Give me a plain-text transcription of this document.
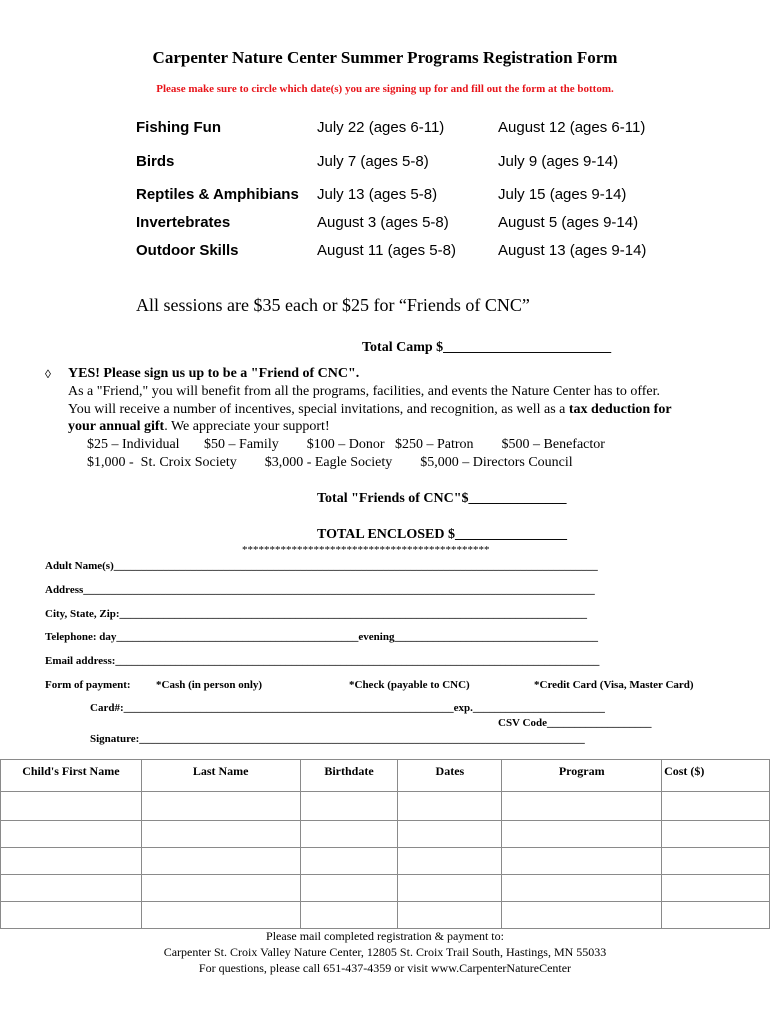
Carpenter Nature Center Summer Programs Registration Form
Please make sure to circle which date(s) you are signing up for and fill out the form at the bottom.
Fishing Fun	July 22 (ages 6-11)	August 12 (ages 6-11)
Birds	July 7 (ages 5-8)	July 9 (ages 9-14)
Reptiles & Amphibians July 13 (ages 5-8)	July 15 (ages 9-14)
Invertebrates	August 3 (ages 5-8)	August 5 (ages 9-14)
Outdoor Skills	August 11 (ages 5-8)	August 13 (ages 9-14)
All sessions are $35 each or $25 for “Friends of CNC”
Total Camp $________________________
◊ YES! Please sign us up to be a "Friend of CNC".
As a "Friend," you will benefit from all the programs, facilities, and events the Nature Center has to offer.
You will receive a number of incentives, special invitations, and recognition, as well as a tax deduction for
your annual gift. We appreciate your support!
$25 – Individual       $50 – Family        $100 – Donor   $250 – Patron        $500 – Benefactor
$1,000 -  St. Croix Society        $3,000 - Eagle Society        $5,000 – Directors Council
Total "Friends of CNC"$______________
TOTAL ENCLOSED $________________
*********************************************
Adult Name(s)________________________________________________________________________________________
Address_____________________________________________________________________________________________
City, State, Zip:_____________________________________________________________________________________
Telephone: day____________________________________________evening_____________________________________
Email address:________________________________________________________________________________________
Form of payment: *Cash (in person only)	*Check (payable to CNC)	*Credit Card (Visa, Master Card)
Card#:____________________________________________________________exp.________________________
CSV Code___________________
Signature:_________________________________________________________________________________
Child's First Name	Last Name	Birthdate	Dates	Program	Cost ($)

Please mail completed registration & payment to:
Carpenter St. Croix Valley Nature Center, 12805 St. Croix Trail South, Hastings, MN 55033
For questions, please call 651-437-4359 or visit www.CarpenterNatureCenter
